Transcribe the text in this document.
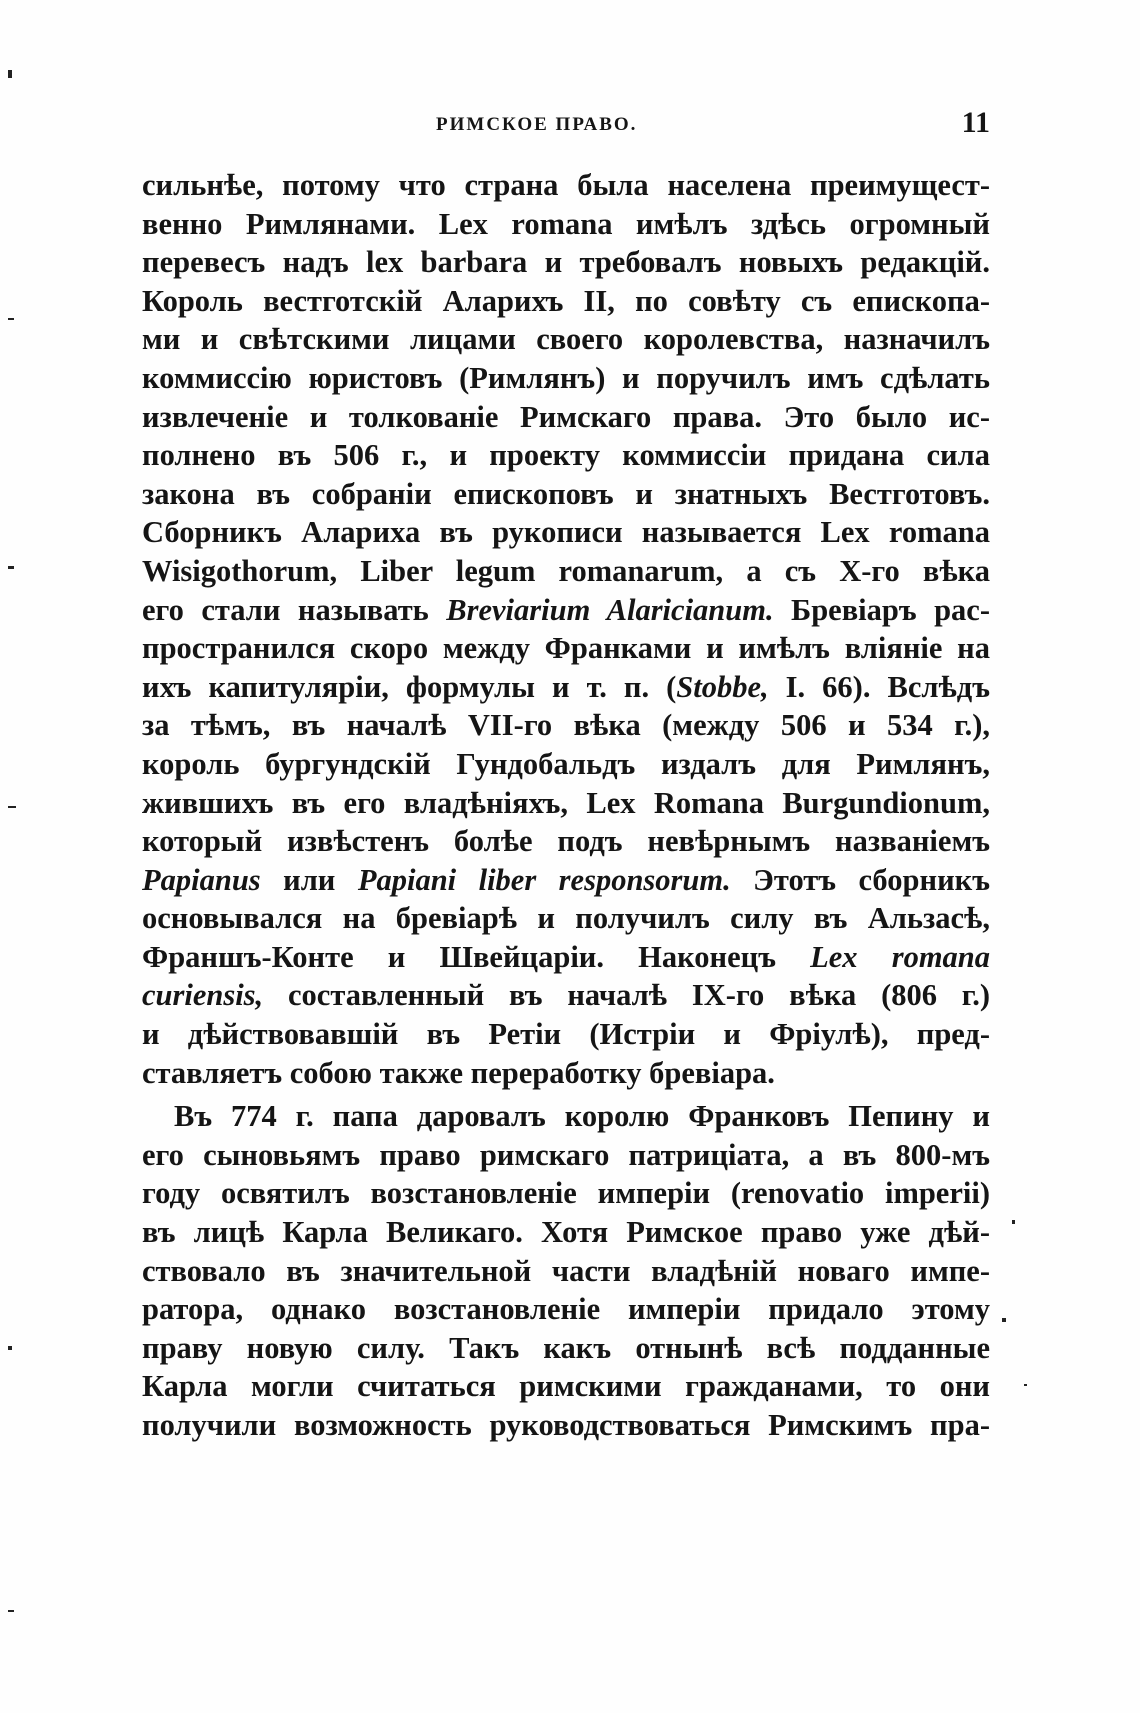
РИМСКОЕ ПРАВО.	11
сильнѣе, потому что страна была населена преимущест-
венно Римлянами. Lex romana имѣлъ здѣсь огромный
перевесъ надъ lex barbara и требовалъ новыхъ редакцій.
Король вестготскій Аларихъ II, по совѣту съ епископа-
ми и свѣтскими лицами своего королевства, назначилъ
коммиссію юристовъ (Римлянъ) и поручилъ имъ сдѣлать
извлеченіе и толкованіе Римскаго права. Это было ис-
полнено въ 506 г., и проекту коммиссіи придана сила
закона въ собраніи епископовъ и знатныхъ Вестготовъ.
Сборникъ Алариха въ рукописи называется Lex romana
Wisigothorum, Liber legum romanarum, а съ X-го вѣка
его стали называть Breviarium Alaricianum. Бревіаръ рас-
пространился скоро между Франками и имѣлъ вліяніе на
ихъ капитуляріи, формулы и т. п. (Stobbe, I. 66). Вслѣдъ
за тѣмъ, въ началѣ VII-го вѣка (между 506 и 534 г.),
король бургундскій Гундобальдъ издалъ для Римлянъ,
жившихъ въ его владѣніяхъ, Lex Romana Burgundionum,
который извѣстенъ болѣе подъ невѣрнымъ названіемъ
Papianus или Papiani liber responsorum. Этотъ сборникъ
основывался на бревіарѣ и получилъ силу въ Альзасѣ,
Франшъ-Конте и Швейцаріи. Наконецъ Lex romana
curiensis, составленный въ началѣ IX-го вѣка (806 г.)
и дѣйствовавшій въ Ретіи (Истріи и Фріулѣ), пред-
ставляетъ собою также переработку бревіара.
Въ 774 г. папа даровалъ королю Франковъ Пепину и
его сыновьямъ право римскаго патриціата, а въ 800-мъ
году освятилъ возстановленіе имперіи (renovatio imperii)
въ лицѣ Карла Великаго. Хотя Римское право уже дѣй-
ствовало въ значительной части владѣній новаго импе-
ратора, однако возстановленіе имперіи придало этому
праву новую силу. Такъ какъ отнынѣ всѣ подданные
Карла могли считаться римскими гражданами, то они
получили возможность руководствоваться Римскимъ пра-
